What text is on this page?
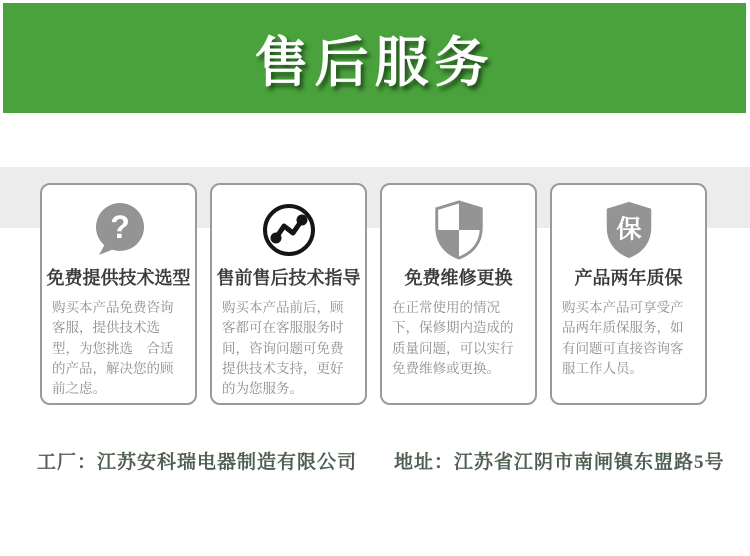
售后服务
?
免费提供技术选型
购买本产品免费咨询客服，提供技术选型，为您挑选　合适的产品，解决您的顾前之虑。
售前售后技术指导
购买本产品前后，顾客都可在客服服务时间，咨询问题可免费提供技术支持，更好的为您服务。
免费维修更换
在正常使用的情况下，保修期内造成的质量问题，可以实行免费维修或更换。
保
产品两年质保
购买本产品可享受产品两年质保服务，如有问题可直接咨询客服工作人员。
工厂：江苏安科瑞电器制造有限公司 地址：江苏省江阴市南闸镇东盟路5号
